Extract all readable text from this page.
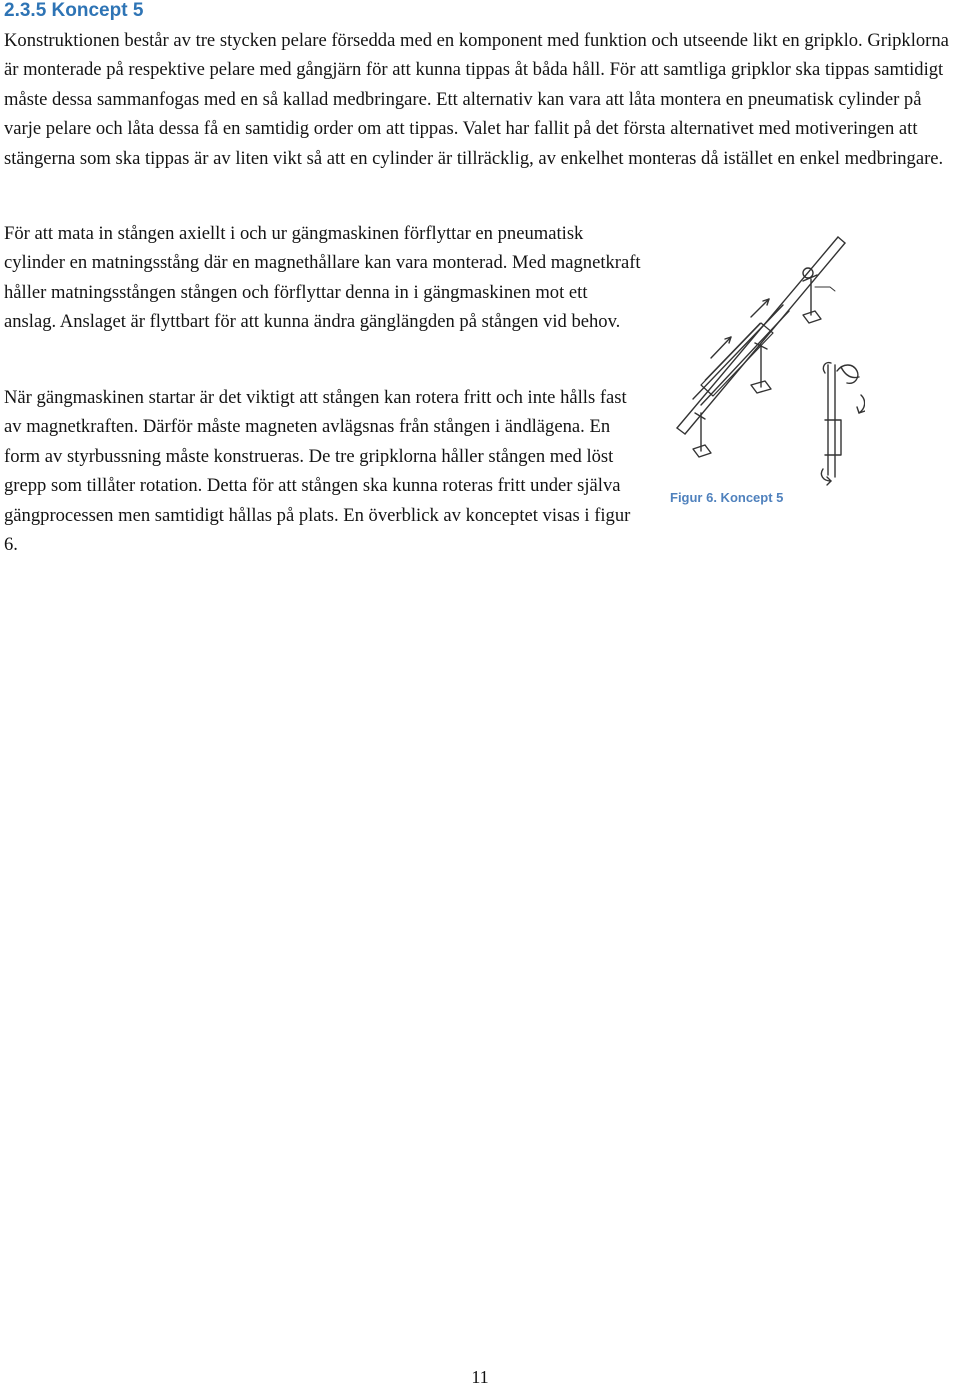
2.3.5 Koncept 5

Konstruktionen består av tre stycken pelare försedda med en komponent med funktion och utseende likt en gripklo. Gripklorna är monterade på respektive pelare med gångjärn för att kunna tippas åt båda håll. För att samtliga gripklor ska tippas samtidigt måste dessa sammanfogas med en så kallad medbringare. Ett alternativ kan vara att låta montera en pneumatisk cylinder på varje pelare och låta dessa få en samtidig order om att tippas. Valet har fallit på det första alternativet med motiveringen att stängerna som ska tippas är av liten vikt så att en cylinder är tillräcklig, av enkelhet monteras då istället en enkel medbringare.

För att mata in stången axiellt i och ur gängmaskinen förflyttar en pneumatisk cylinder en matningsstång där en magnethållare kan vara monterad. Med magnetkraft håller matningsstången stången och förflyttar denna in i gängmaskinen mot ett anslag. Anslaget är flyttbart för att kunna ändra gänglängden på stången vid behov.

När gängmaskinen startar är det viktigt att stången kan rotera fritt och inte hålls fast av magnetkraften. Därför måste magneten avlägsnas från stången i ändlägena. En form av styrbussning måste konstrueras. De tre gripklorna håller stången med löst grepp som tillåter rotation. Detta för att stången ska kunna roteras fritt under själva gängprocessen men samtidigt hållas på plats. En överblick av konceptet visas i figur 6.

Figur 6. Koncept 5
11
